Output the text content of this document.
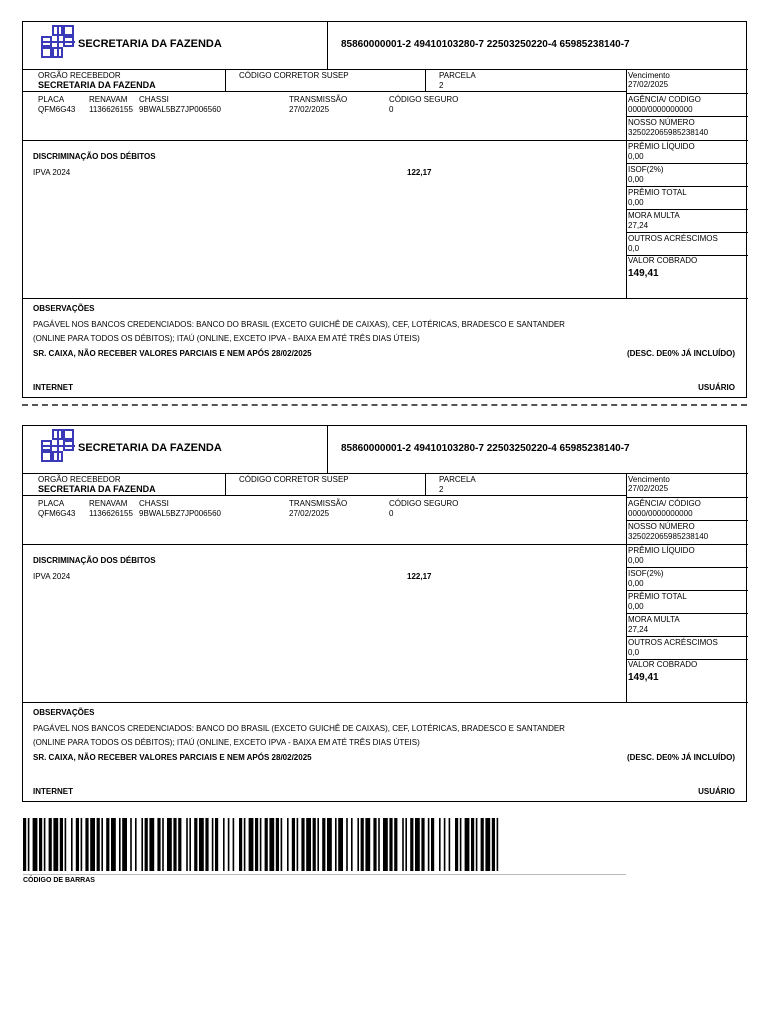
SECRETARIA DA FAZENDA	85860000001-2 49410103280-7 22503250220-4 65985238140-7
ORGÃO RECEBEDOR
SECRETARIA DA FAZENDA
CÓDIGO CORRETOR SUSEP	PARCELA
2
Vencimento
27/02/2025
AGÊNCIA/ CODIGO
0000/0000000000
NOSSO NÚMERO
325022065985238140
PRÊMIO LÍQUIDO
0,00
ISOF(2%)
0,00
PRÊMIO TOTAL
0,00
MORA MULTA
27,24
OUTROS ACRÉSCIMOS
0,0
VALOR COBRADO
149,41
PLACA
QFM6G43
RENAVAM
1136626155
CHASSI
9BWAL5BZ7JP006560
TRANSMISSÃO
27/02/2025
CÓDIGO SEGURO
0
DISCRIMINAÇÃO DOS DÉBITOS
IPVA 2024	122,17
OBSERVAÇÕES
PAGÁVEL NOS BANCOS CREDENCIADOS: BANCO DO BRASIL (EXCETO GUICHÊ DE CAIXAS), CEF, LOTÉRICAS, BRADESCO E SANTANDER
(ONLINE PARA TODOS OS DÉBITOS); ITAÚ (ONLINE, EXCETO IPVA - BAIXA EM ATÉ TRÊS DIAS ÚTEIS)
SR. CAIXA, NÃO RECEBER VALORES PARCIAIS E NEM APÓS 28/02/2025	(DESC. DE0% JÁ INCLUÍDO)
INTERNET	USUÁRIO
SECRETARIA DA FAZENDA	85860000001-2 49410103280-7 22503250220-4 65985238140-7
ORGÃO RECEBEDOR
SECRETARIA DA FAZENDA
CÓDIGO CORRETOR SUSEP	PARCELA
2
Vencimento
27/02/2025
AGÊNCIA/ CÓDIGO
0000/0000000000
NOSSO NÚMERO
325022065985238140
PRÊMIO LÍQUIDO
0,00
ISOF(2%)
0,00
PRÊMIO TOTAL
0,00
MORA MULTA
27,24
OUTROS ACRÉSCIMOS
0,0
VALOR COBRADO
149,41
PLACA
QFM6G43
RENAVAM
1136626155
CHASSI
9BWAL5BZ7JP006560
TRANSMISSÃO
27/02/2025
CÓDIGO SEGURO
0
DISCRIMINAÇÃO DOS DÉBITOS
IPVA 2024	122,17
OBSERVAÇÕES
PAGÁVEL NOS BANCOS CREDENCIADOS: BANCO DO BRASIL (EXCETO GUICHÊ DE CAIXAS), CEF, LOTÉRICAS, BRADESCO E SANTANDER
(ONLINE PARA TODOS OS DÉBITOS); ITAÚ (ONLINE, EXCETO IPVA - BAIXA EM ATÉ TRÊS DIAS ÚTEIS)
SR. CAIXA, NÃO RECEBER VALORES PARCIAIS E NEM APÓS 28/02/2025	(DESC. DE0% JÁ INCLUÍDO)
INTERNET	USUÁRIO
CÓDIGO DE BARRAS
